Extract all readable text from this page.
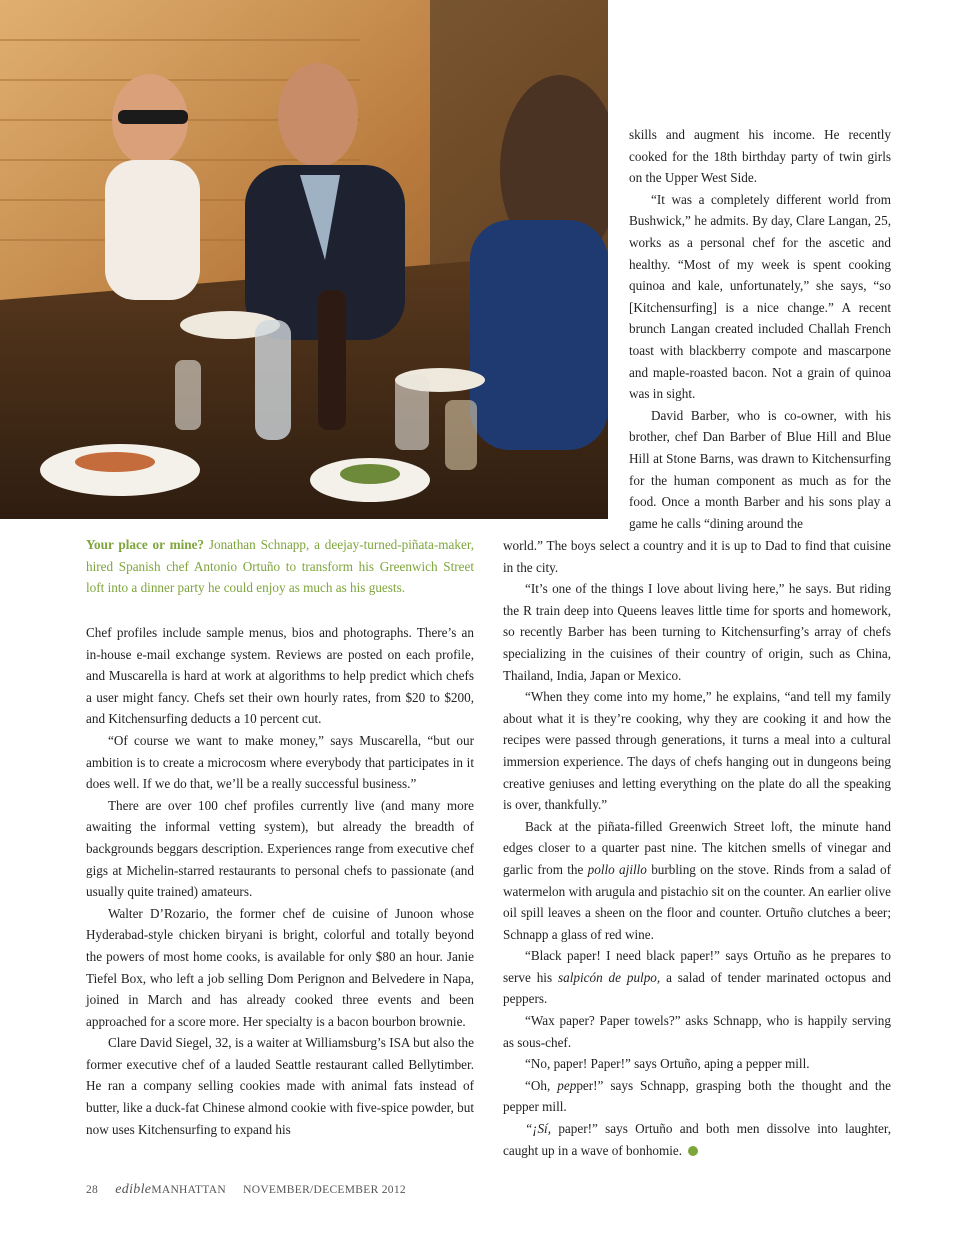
Your place or mine? Jonathan Schnapp, a deejay-turned-piñata-maker, hired Spanish chef Antonio Ortuño to transform his Greenwich Street loft into a dinner party he could enjoy as much as his guests.

Chef profiles include sample menus, bios and photographs. There’s an in-house e-mail exchange system. Reviews are posted on each profile, and Muscarella is hard at work at algorithms to help predict which chefs a user might fancy. Chefs set their own hourly rates, from $20 to $200, and Kitchensurfing deducts a 10 percent cut.

“Of course we want to make money,” says Muscarella, “but our ambition is to create a microcosm where everybody that participates in it does well. If we do that, we’ll be a really successful business.”

There are over 100 chef profiles currently live (and many more awaiting the informal vetting system), but already the breadth of backgrounds beggars description. Experiences range from executive chef gigs at Michelin-starred restaurants to personal chefs to passionate (and usually quite trained) amateurs.

Walter D’Rozario, the former chef de cuisine of Junoon whose Hyderabad-style chicken biryani is bright, colorful and totally beyond the powers of most home cooks, is available for only $80 an hour. Janie Tiefel Box, who left a job selling Dom Perignon and Belvedere in Napa, joined in March and has already cooked three events and been approached for a score more. Her specialty is a bacon bourbon brownie.

Clare David Siegel, 32, is a waiter at Williamsburg’s ISA but also the former executive chef of a lauded Seattle restaurant called Bellytimber. He ran a company selling cookies made with animal fats instead of butter, like a duck-fat Chinese almond cookie with five-spice powder, but now uses Kitchensurfing to expand his

skills and augment his income. He recently cooked for the 18th birthday party of twin girls on the Upper West Side.

“It was a completely different world from Bushwick,” he admits. By day, Clare Langan, 25, works as a personal chef for the ascetic and healthy. “Most of my week is spent cooking quinoa and kale, unfortunately,” she says, “so [Kitchensurfing] is a nice change.” A recent brunch Langan created included Challah French toast with blackberry compote and mascarpone and maple-roasted bacon. Not a grain of quinoa was in sight.

David Barber, who is co-owner, with his brother, chef Dan Barber of Blue Hill and Blue Hill at Stone Barns, was drawn to Kitchensurfing for the human component as much as for the food. Once a month Barber and his sons play a game he calls “dining around the

world.” The boys select a country and it is up to Dad to find that cuisine in the city.

“It’s one of the things I love about living here,” he says. But riding the R train deep into Queens leaves little time for sports and homework, so recently Barber has been turning to Kitchensurfing’s array of chefs specializing in the cuisines of their country of origin, such as China, Thailand, India, Japan or Mexico.

“When they come into my home,” he explains, “and tell my family about what it is they’re cooking, why they are cooking it and how the recipes were passed through generations, it turns a meal into a cultural immersion experience. The days of chefs hanging out in dungeons being creative geniuses and letting everything on the plate do all the speaking is over, thankfully.”

Back at the piñata-filled Greenwich Street loft, the minute hand edges closer to a quarter past nine. The kitchen smells of vinegar and garlic from the pollo ajillo burbling on the stove. Rinds from a salad of watermelon with arugula and pistachio sit on the counter. An earlier olive oil spill leaves a sheen on the floor and counter. Ortuño clutches a beer; Schnapp a glass of red wine.

“Black paper! I need black paper!” says Ortuño as he prepares to serve his salpicón de pulpo, a salad of tender marinated octopus and peppers.

“Wax paper? Paper towels?” asks Schnapp, who is happily serving as sous-chef.

“No, paper! Paper!” says Ortuño, aping a pepper mill.

“Oh, pepper!” says Schnapp, grasping both the thought and the pepper mill.

“¡Sí, paper!” says Ortuño and both men dissolve into laughter, caught up in a wave of bonhomie.

28 edibleMANHATTAN NOVEMBER/DECEMBER 2012
